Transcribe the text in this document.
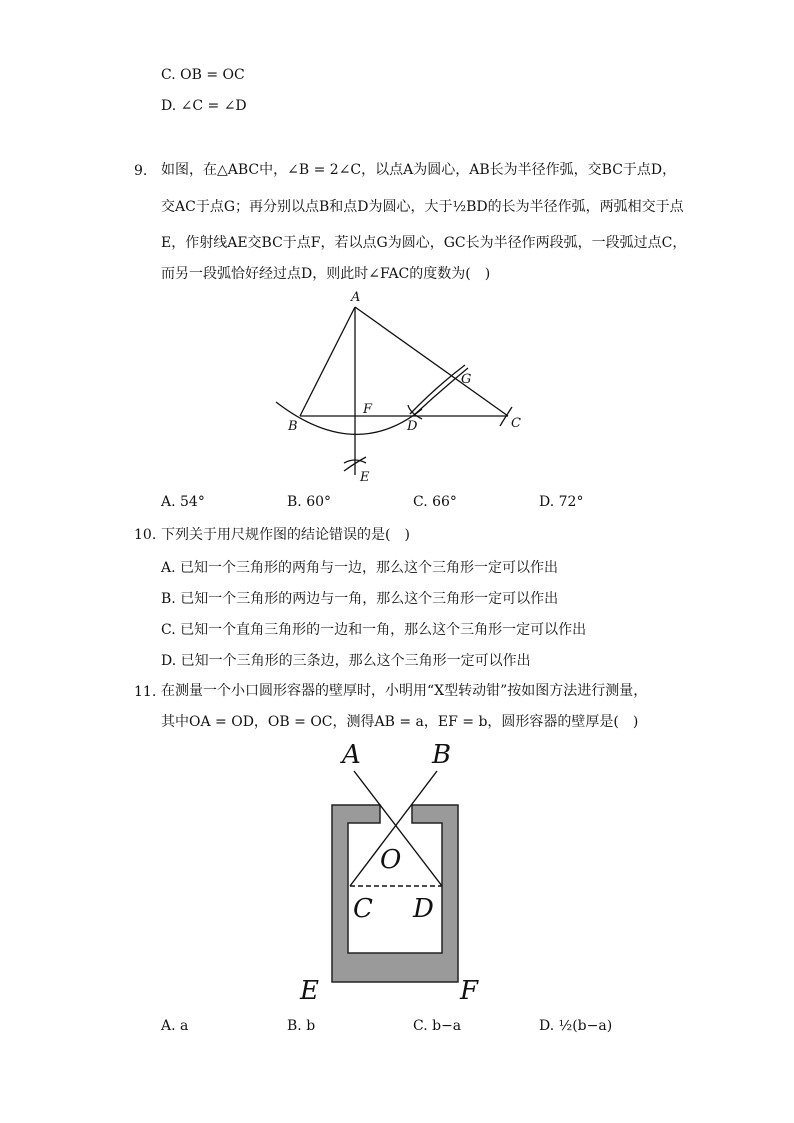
C. OB = OC
D. ∠C = ∠D
9. 如图，在△ABC中，∠B = 2∠C，以点A为圆心，AB长为半径作弧，交BC于点D，
交AC于点G；再分别以点B和点D为圆心，大于½BD的长为半径作弧，两弧相交于点
E，作射线AE交BC于点F，若以点G为圆心，GC长为半径作两段弧，一段弧过点C，
而另一段弧恰好经过点D，则此时∠FAC的度数为(　)
A
B	C
D
E
F
G
A. 54°	B. 60°	C. 66°	D. 72°
10. 下列关于用尺规作图的结论错误的是(　)
A. 已知一个三角形的两角与一边，那么这个三角形一定可以作出
B. 已知一个三角形的两边与一角，那么这个三角形一定可以作出
C. 已知一个直角三角形的一边和一角，那么这个三角形一定可以作出
D. 已知一个三角形的三条边，那么这个三角形一定可以作出
11. 在测量一个小口圆形容器的壁厚时，小明用“X型转动钳”按如图方法进行测量，
其中OA = OD，OB = OC，测得AB = a，EF = b，圆形容器的壁厚是(　)
A	B
O
C D
E	F
A. a	B. b	C. b−a	D. ½(b−a)
